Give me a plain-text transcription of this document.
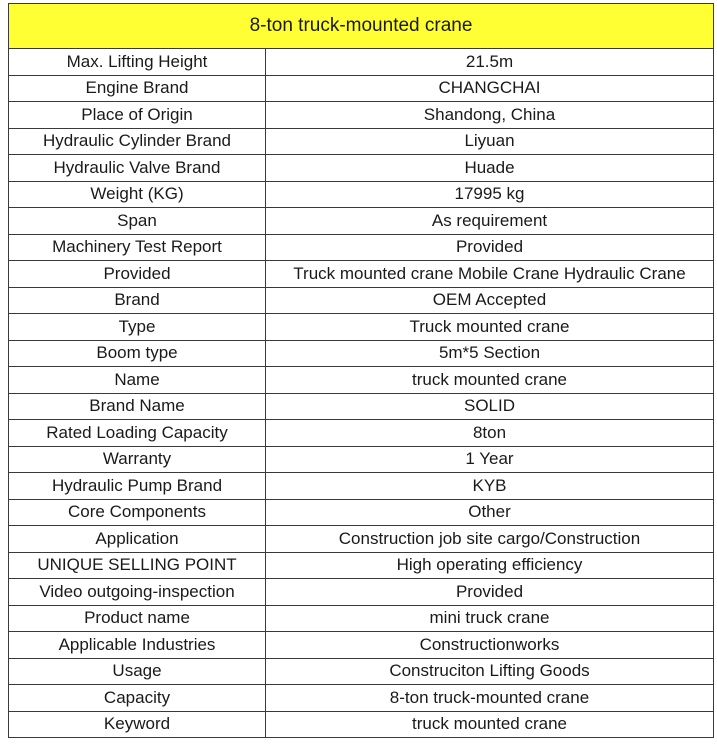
8-ton truck-mounted crane	
Max. Lifting Height	21.5m
Engine Brand	CHANGCHAI
Place of Origin	Shandong, China
Hydraulic Cylinder Brand	Liyuan
Hydraulic Valve Brand	Huade
Weight (KG)	17995 kg
Span	As requirement
Machinery Test Report	Provided
Provided	Truck mounted crane Mobile Crane Hydraulic Crane
Brand	OEM Accepted
Type	Truck mounted crane
Boom type	5m*5 Section
Name	truck mounted crane
Brand Name	SOLID
Rated Loading Capacity	8ton
Warranty	1 Year
Hydraulic Pump Brand	KYB
Core Components	Other
Application	Construction job site cargo/Construction
UNIQUE SELLING POINT	High operating efficiency
Video outgoing-inspection	Provided
Product name	mini truck crane
Applicable Industries	Constructionworks
Usage	Construciton Lifting Goods
Capacity	8-ton truck-mounted crane
Keyword	truck mounted crane
